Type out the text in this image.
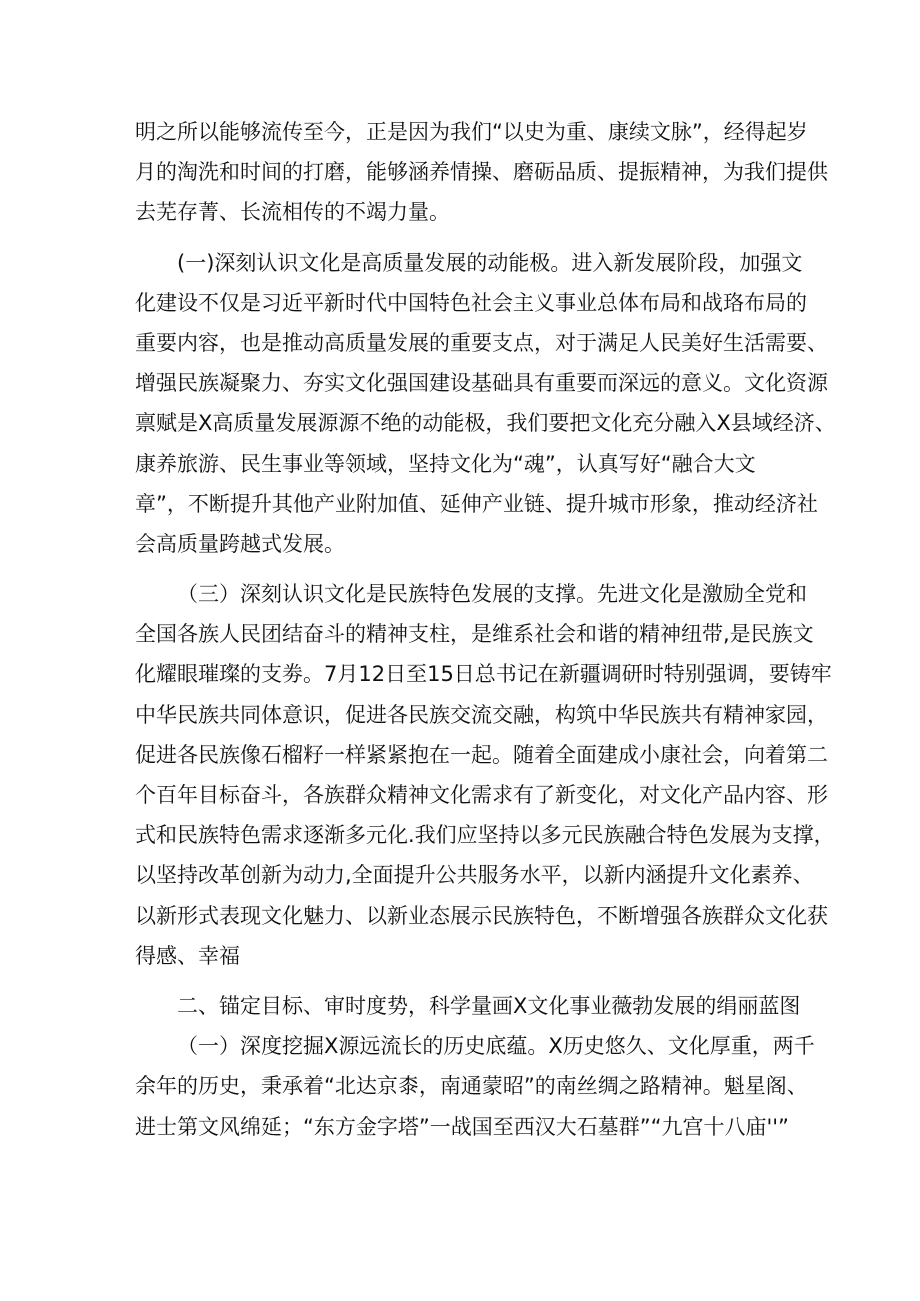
明之所以能够流传至今，正是因为我们“以史为重、康续文脉”，经得起岁
月的淘洗和时间的打磨，能够涵养情操、磨砺品质、提振精神，为我们提供
去芜存菁、长流相传的不竭力量。
(一)深刻认识文化是高质量发展的动能极。进入新发展阶段，加强文
化建设不仅是习近平新时代中国特色社会主义事业总体布局和战珞布局的
重要内容，也是推动高质量发展的重要支点，对于满足人民美好生活需要、
增强民族凝聚力、夯实文化强国建设基础具有重要而深远的意义。文化资源
禀赋是X高质量发展源源不绝的动能极，我们要把文化充分融入X县域经济、
康养旅游、民生事业等领域，坚持文化为“魂”，认真写好“融合大文
章”，不断提升其他产业附加值、延伸产业链、提升城市形象，推动经济社
会高质量跨越式发展。
（三）深刻认识文化是民族特色发展的支撑。先进文化是激励全党和
全国各族人民团结奋斗的精神支柱，是维系社会和谐的精神纽带,是民族文
化耀眼璀璨的支劵。7月12日至15日总书记在新疆调研时特别强调，要铸牢
中华民族共同体意识，促进各民族交流交融，构筑中华民族共有精神家园，
促进各民族像石榴籽一样紧紧抱在一起。随着全面建成小康社会，向着第二
个百年目标奋斗，各族群众精神文化需求有了新变化，对文化产品内容、形
式和民族特色需求逐渐多元化.我们应坚持以多元民族融合特色发展为支撑，
以坚持改革创新为动力,全面提升公共服务水平，以新内涵提升文化素养、
以新形式表现文化魅力、以新业态展示民族特色，不断增强各族群众文化获
得感、幸福
二、锚定目标、审时度势，科学量画X文化事业薇勃发展的绢丽蓝图
（一）深度挖掘X源远流长的历史底蕴。X历史悠久、文化厚重，两千
余年的历史，秉承着“北达京桼，南通蒙昭”的南丝绸之路精神。魁星阁、
进士第文风绵延；“东方金字塔”一战国至西汉大石墓群”“九宫十八庙''”
